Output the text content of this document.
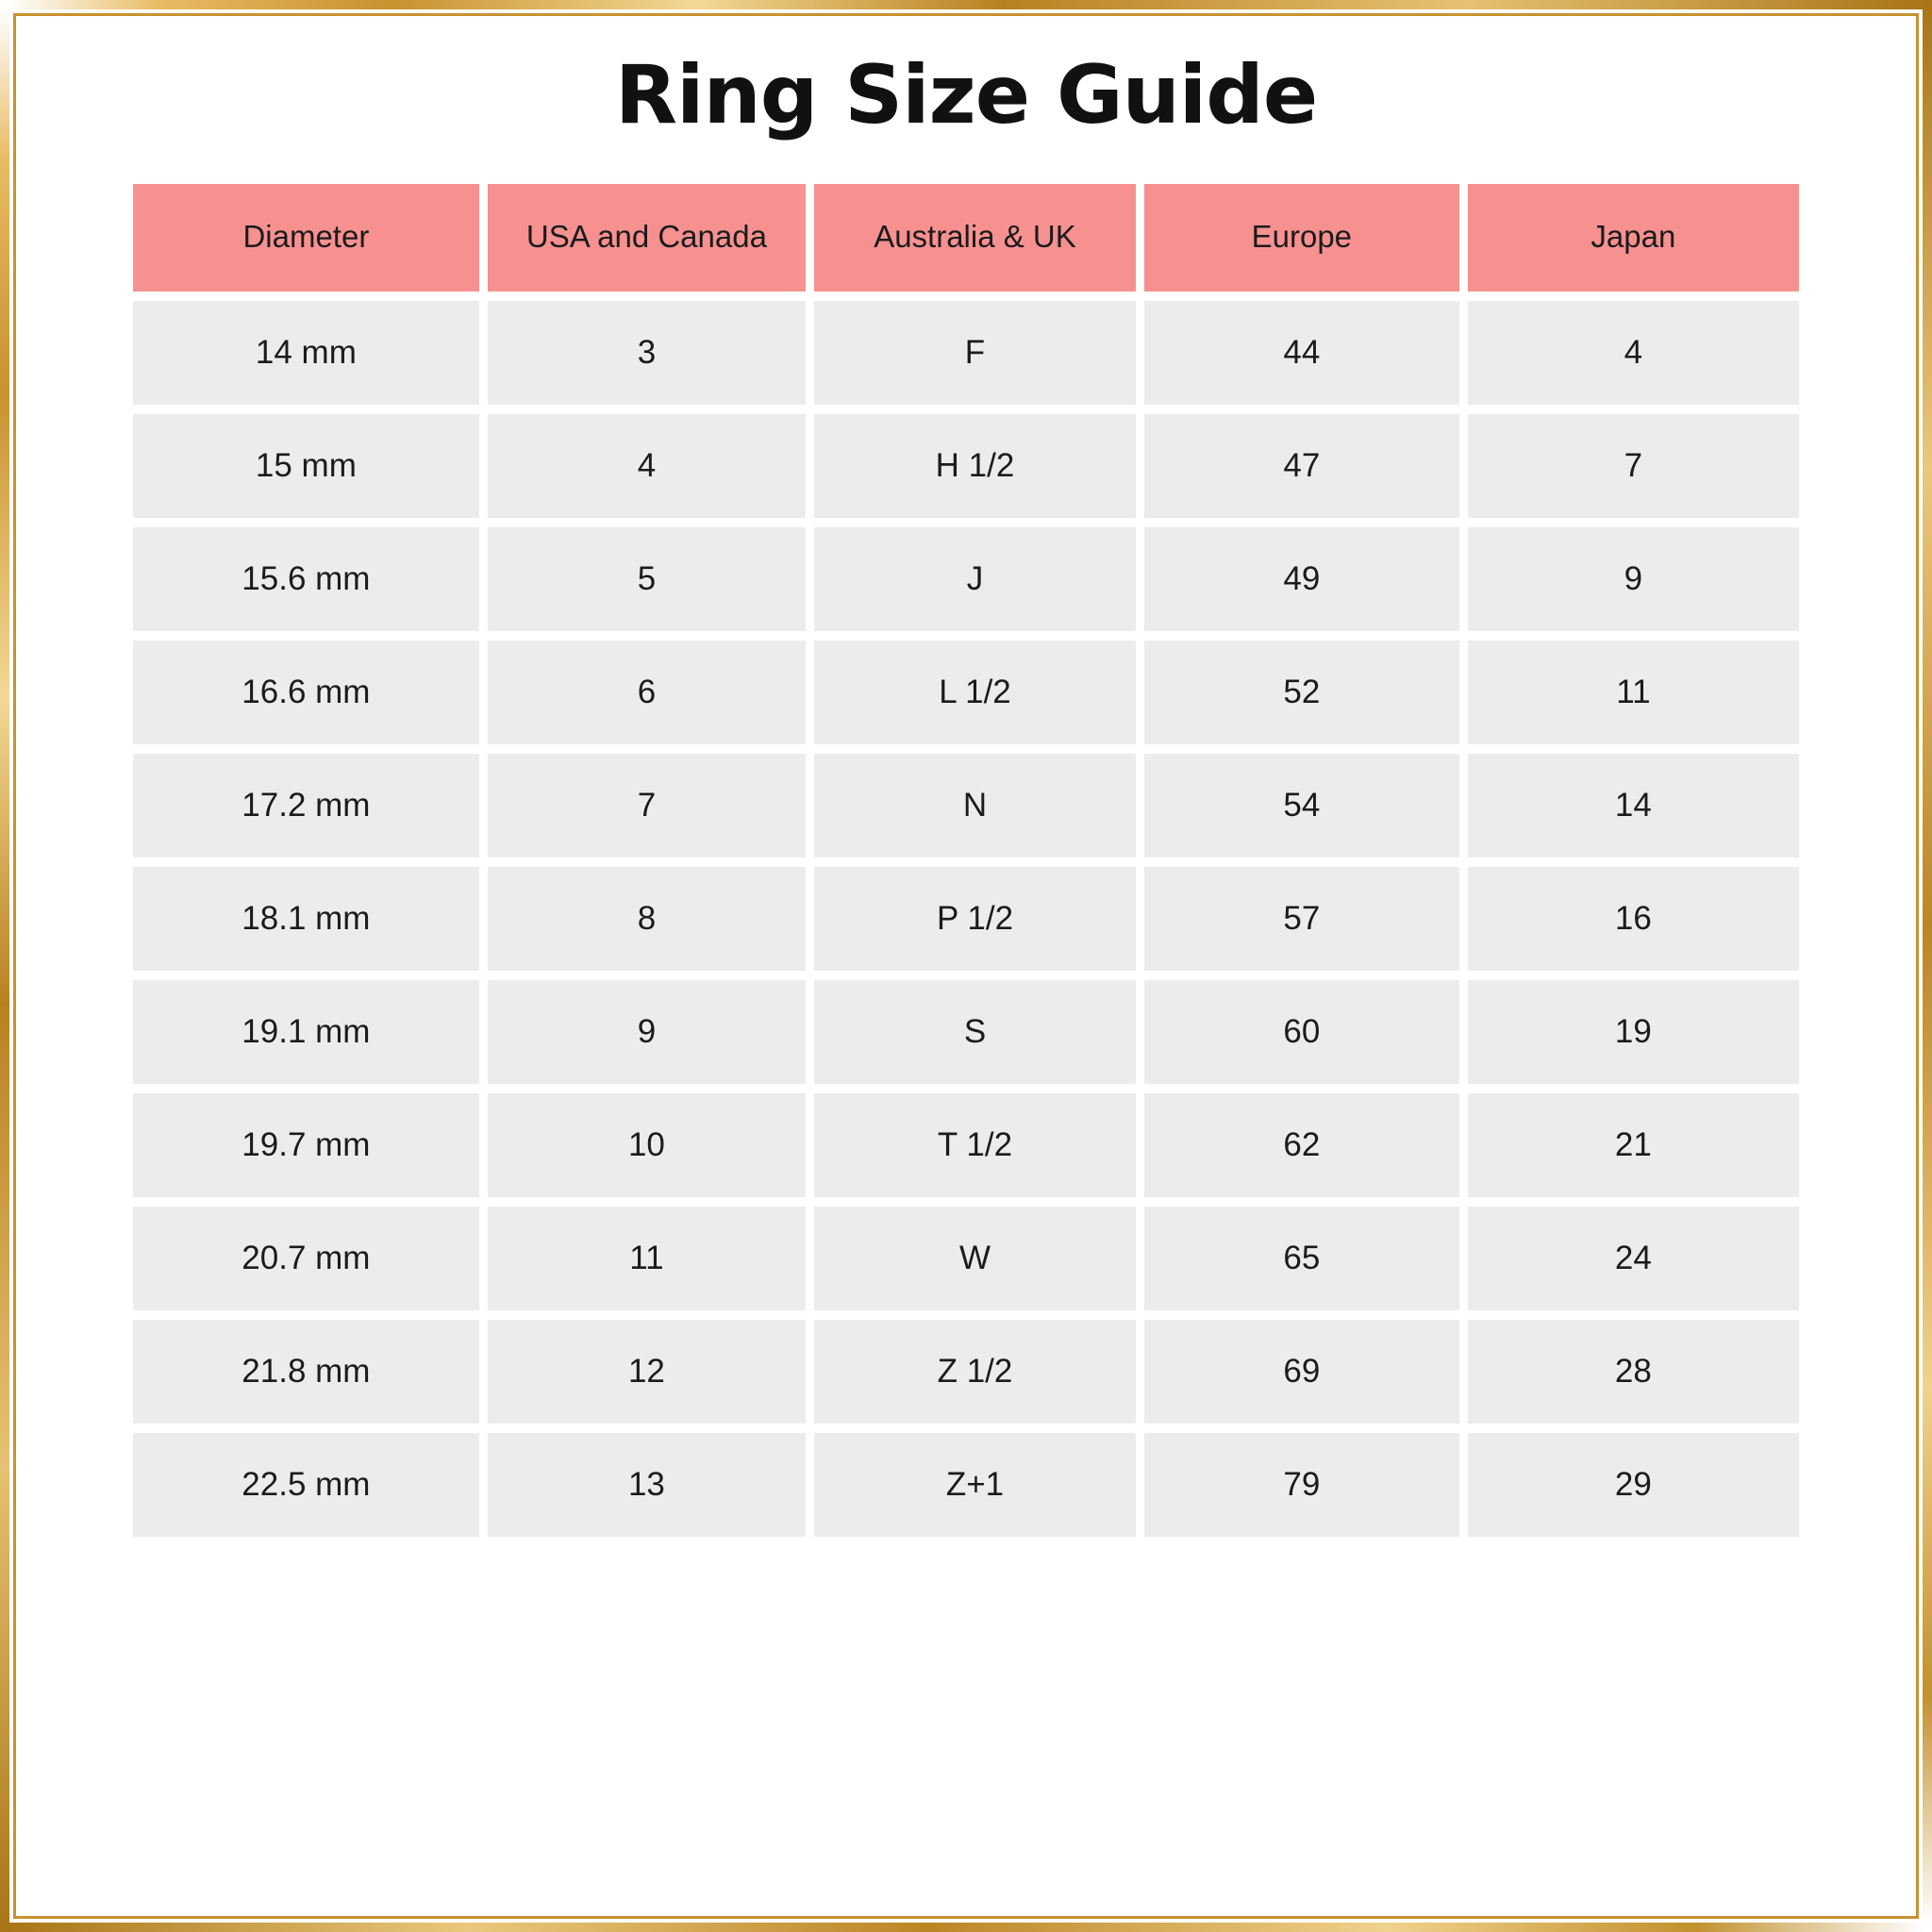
Ring Size Guide
Diameter	USA and Canada	Australia & UK	Europe	Japan
14 mm	3	F	44	4
15 mm	4	H 1/2	47	7
15.6 mm	5	J	49	9
16.6 mm	6	L 1/2	52	11
17.2 mm	7	N	54	14
18.1 mm	8	P 1/2	57	16
19.1 mm	9	S	60	19
19.7 mm	10	T 1/2	62	21
20.7 mm	11	W	65	24
21.8 mm	12	Z 1/2	69	28
22.5 mm	13	Z+1	79	29
